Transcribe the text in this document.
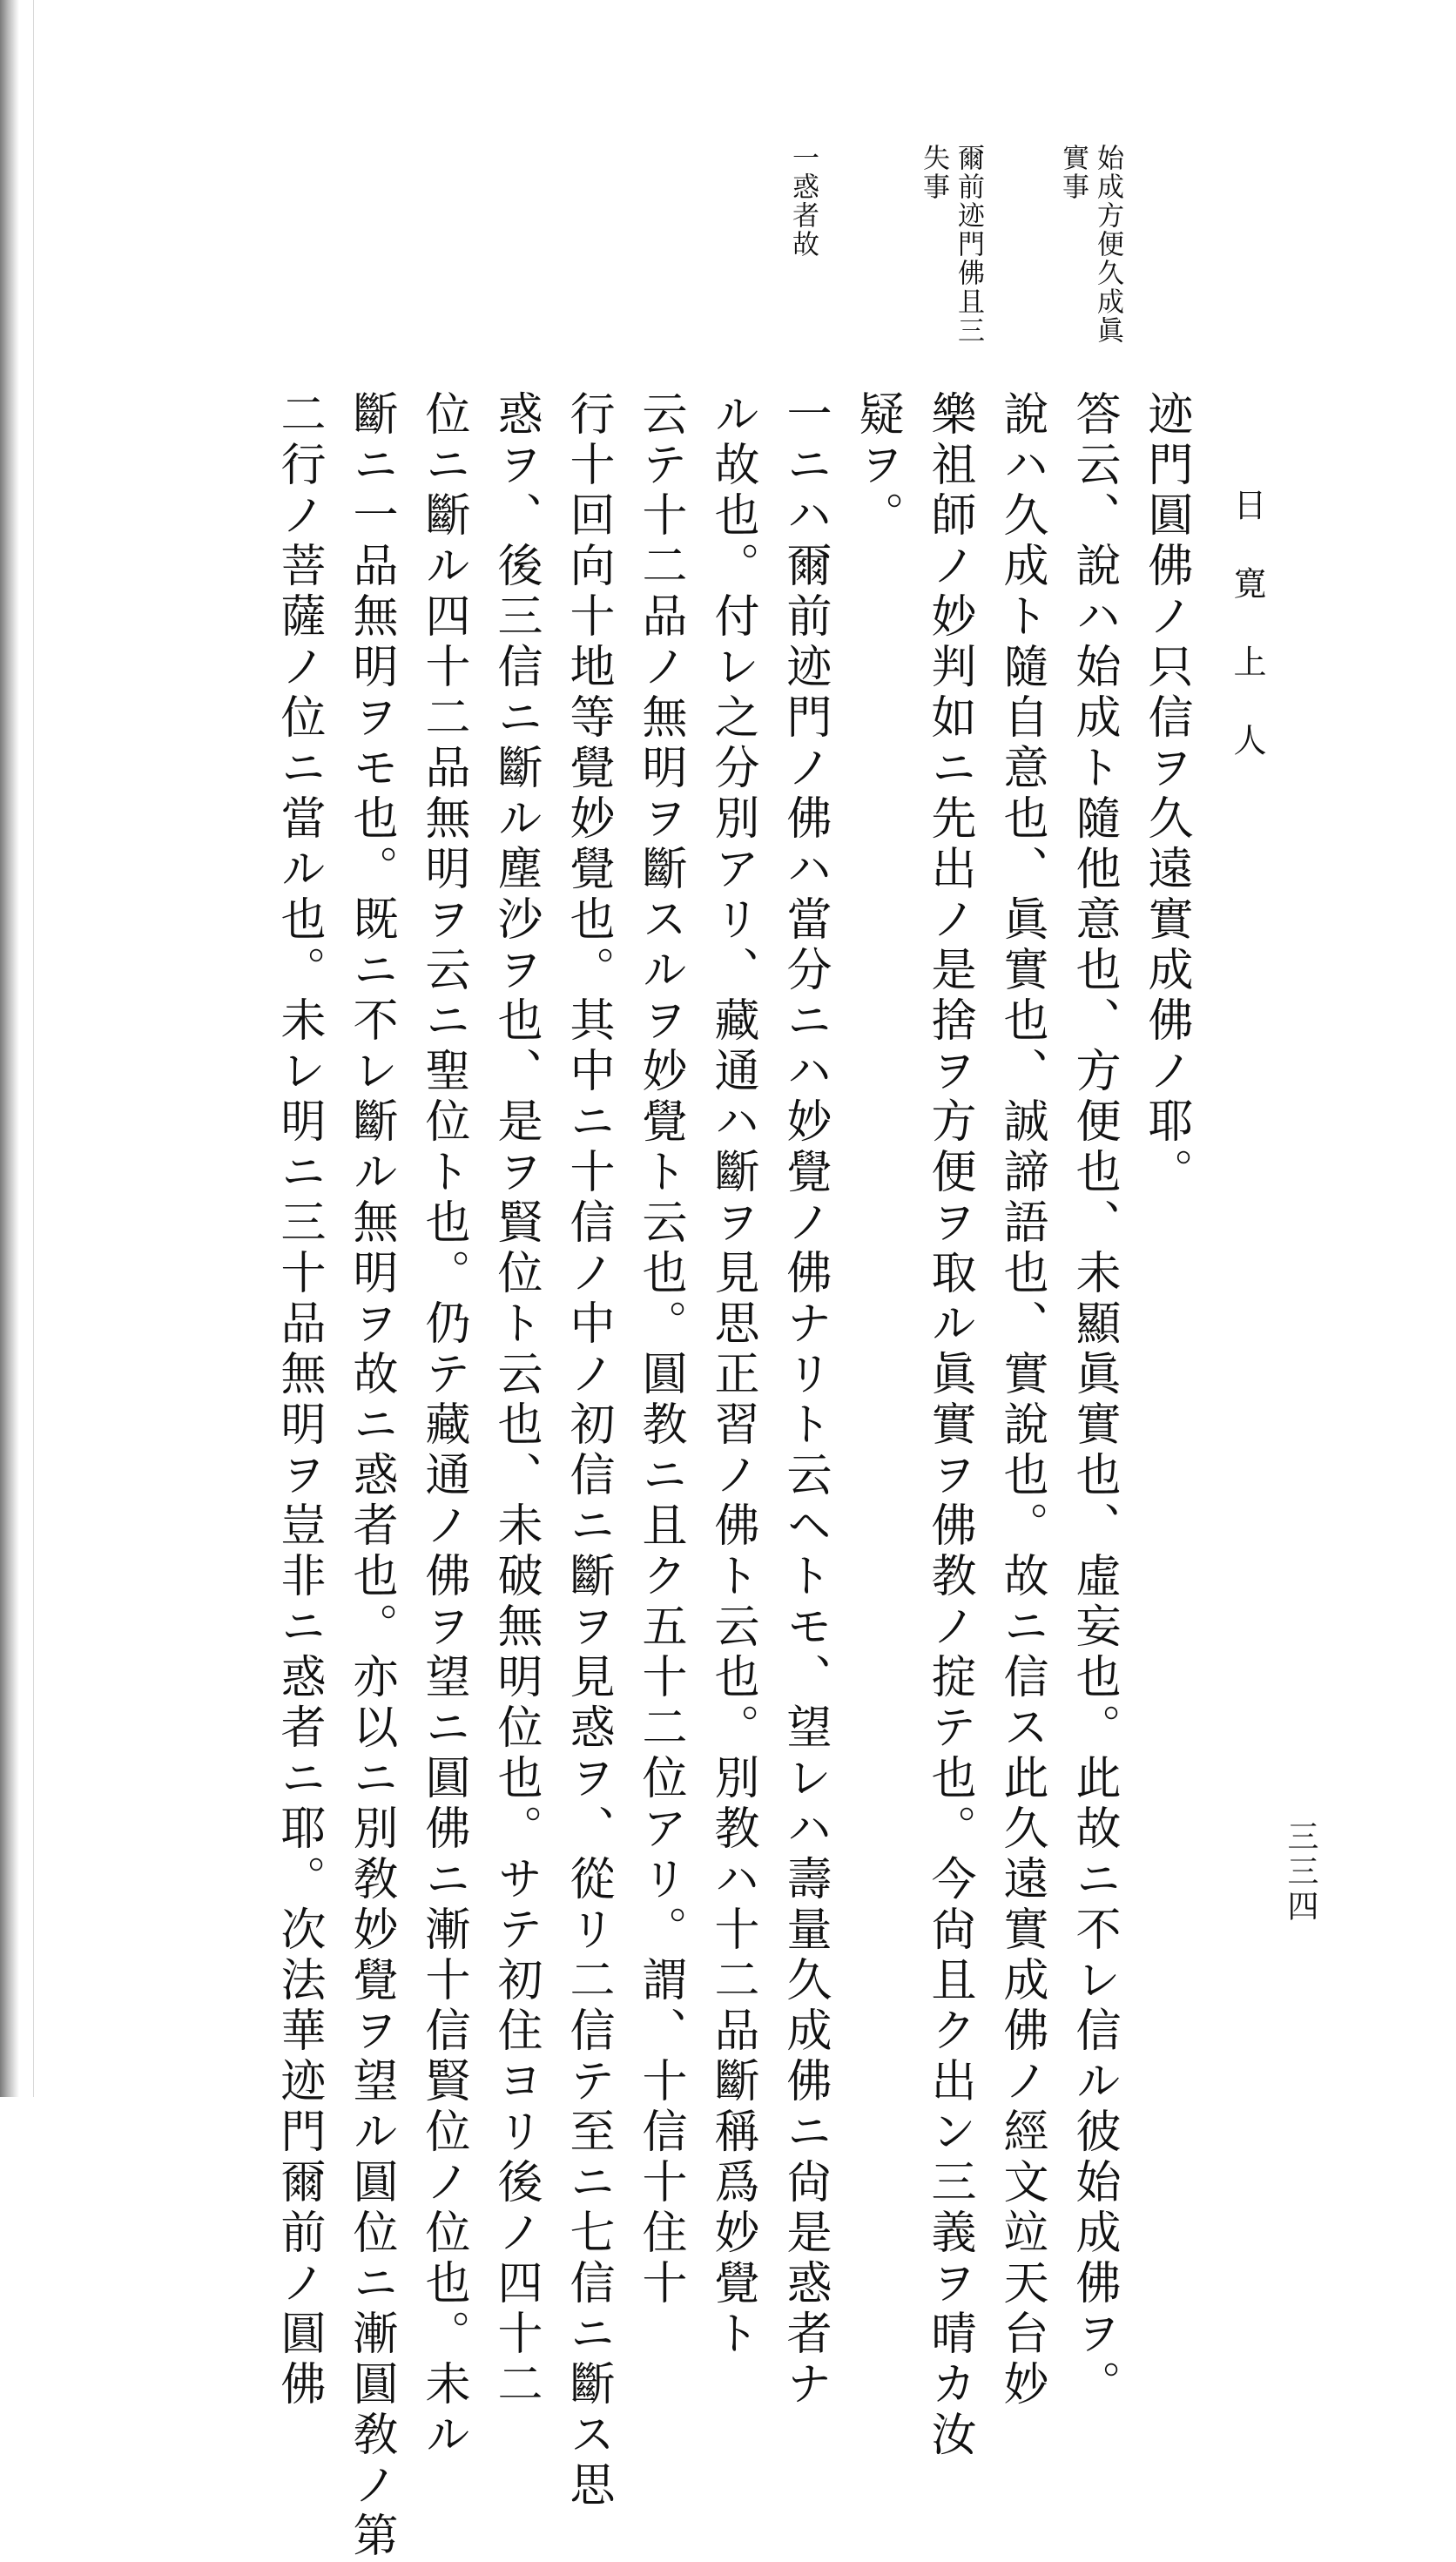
日寛上人
三三四
始成方便久成眞
實事
爾前迹門佛且三
失事
一惑者故
迹門圓佛ノ只信ヲ久遠實成佛ノ耶。
答云、說ハ始成ト隨他意也、方便也、未顯眞實也、虛妄也。此故ニ不レ信ル彼始成佛ヲ。
說ハ久成ト隨自意也、眞實也、誠諦語也、實說也。故ニ信ス此久遠實成佛ノ經文竝天台妙
樂祖師ノ妙判如ニ先出ノ是捨ヲ方便ヲ取ル眞實ヲ佛教ノ掟テ也。今尙且ク出ン三義ヲ晴カ汝
疑ヲ。
一ニハ爾前迹門ノ佛ハ當分ニハ妙覺ノ佛ナリト云ヘトモ、望レハ壽量久成佛ニ尙是惑者ナ
ル故也。付レ之分別アリ、藏通ハ斷ヲ見思正習ノ佛ト云也。別教ハ十二品斷稱爲妙覺ト
云テ十二品ノ無明ヲ斷スルヲ妙覺ト云也。圓教ニ且ク五十二位アリ。謂、十信十住十
行十回向十地等覺妙覺也。其中ニ十信ノ中ノ初信ニ斷ヲ見惑ヲ、從リ二信テ至ニ七信ニ斷ス思
惑ヲ、後三信ニ斷ル塵沙ヲ也、是ヲ賢位ト云也、未破無明位也。サテ初住ヨリ後ノ四十二
位ニ斷ル四十二品無明ヲ云ニ聖位ト也。仍テ藏通ノ佛ヲ望ニ圓佛ニ漸十信賢位ノ位也。未ル
斷ニ一品無明ヲモ也。既ニ不レ斷ル無明ヲ故ニ惑者也。亦以ニ別敎妙覺ヲ望ル圓位ニ漸圓敎ノ第
二行ノ菩薩ノ位ニ當ル也。未レ明ニ三十品無明ヲ豈非ニ惑者ニ耶。次法華迹門爾前ノ圓佛
